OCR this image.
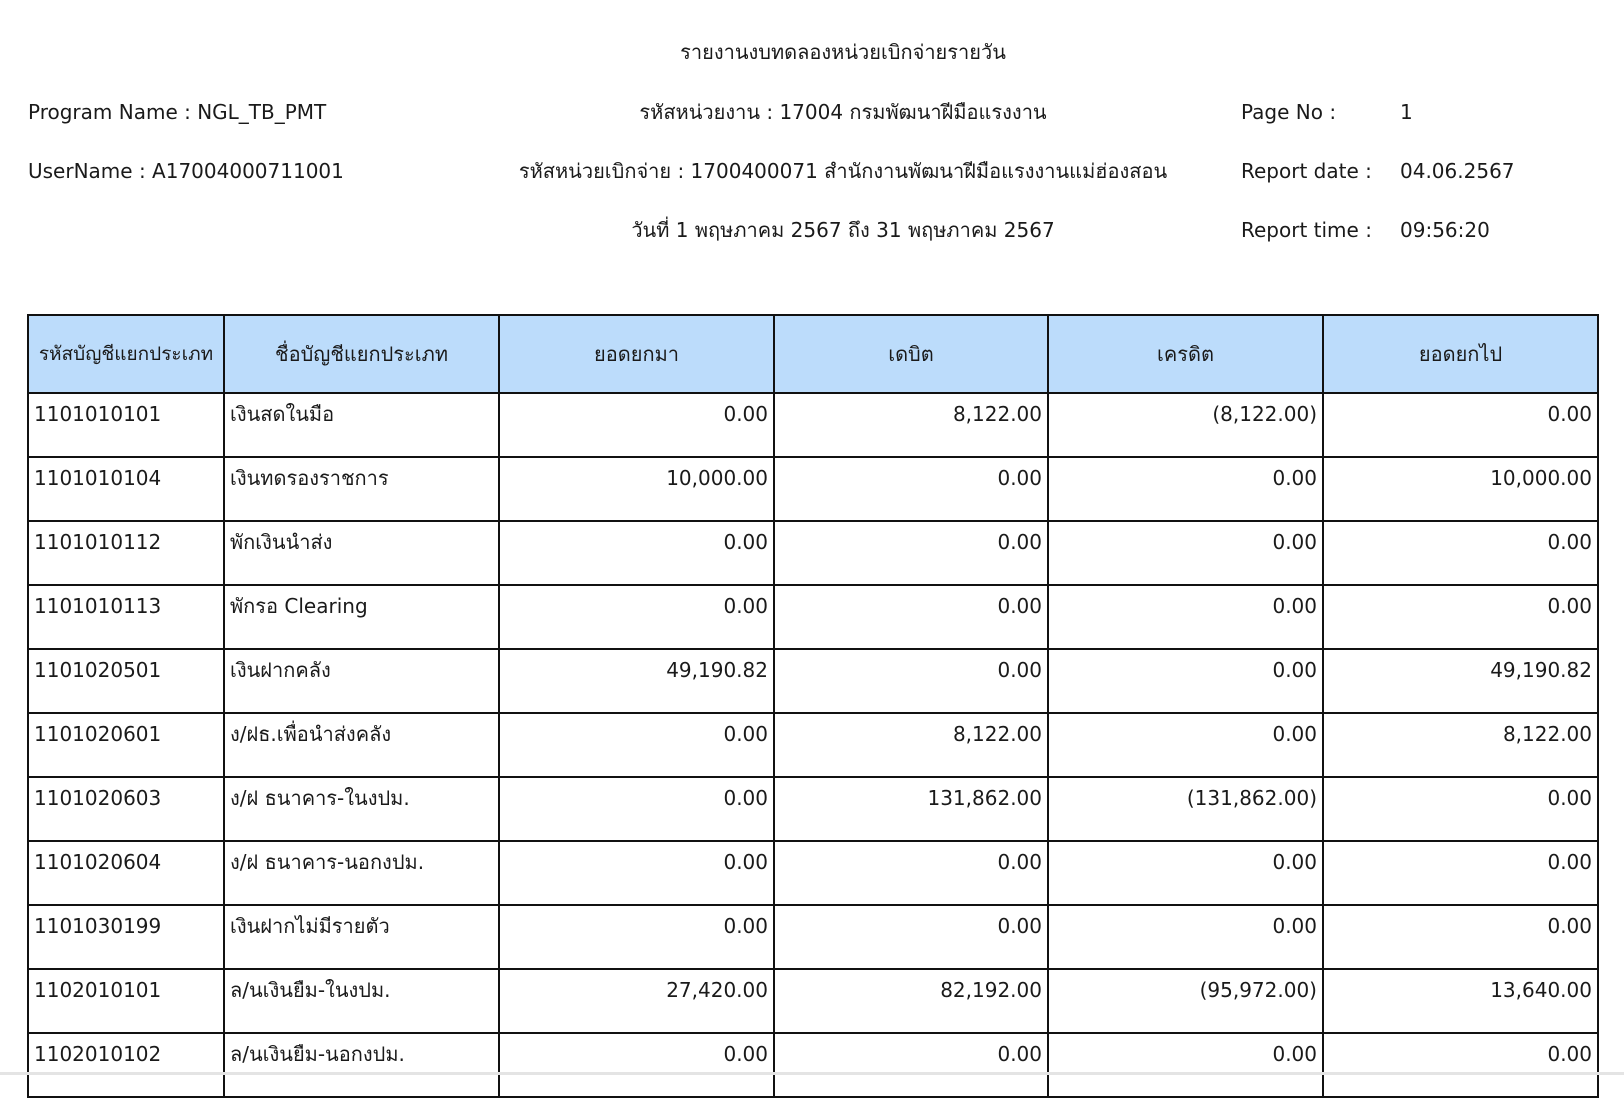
รายงานงบทดลองหน่วยเบิกจ่ายรายวัน
Program Name : NGL_TB_PMT	รหัสหน่วยงาน : 17004 กรมพัฒนาฝีมือแรงงาน	Page No :	1
UserName : A17004000711001	รหัสหน่วยเบิกจ่าย : 1700400071 สำนักงานพัฒนาฝีมือแรงงานแม่ฮ่องสอน	Report date : 04.06.2567
วันที่ 1 พฤษภาคม 2567 ถึง 31 พฤษภาคม 2567	Report time : 09:56:20
รหัสบัญชีแยกประเภท	ชื่อบัญชีแยกประเภท	ยอดยกมา	เดบิต	เครดิต	ยอดยกไป
1101010101	เงินสดในมือ	0.00	8,122.00	(8,122.00)	0.00
1101010104	เงินทดรองราชการ	10,000.00	0.00	0.00	10,000.00
1101010112	พักเงินนำส่ง	0.00	0.00	0.00	0.00
1101010113	พักรอ Clearing	0.00	0.00	0.00	0.00
1101020501	เงินฝากคลัง	49,190.82	0.00	0.00	49,190.82
1101020601	ง/ฝธ.เพื่อนำส่งคลัง	0.00	8,122.00	0.00	8,122.00
1101020603	ง/ฝ ธนาคาร-ในงปม.	0.00	131,862.00	(131,862.00)	0.00
1101020604	ง/ฝ ธนาคาร-นอกงปม.	0.00	0.00	0.00	0.00
1101030199	เงินฝากไม่มีรายตัว	0.00	0.00	0.00	0.00
1102010101	ล/นเงินยืม-ในงปม.	27,420.00	82,192.00	(95,972.00)	13,640.00
1102010102	ล/นเงินยืม-นอกงปม.	0.00	0.00	0.00	0.00
